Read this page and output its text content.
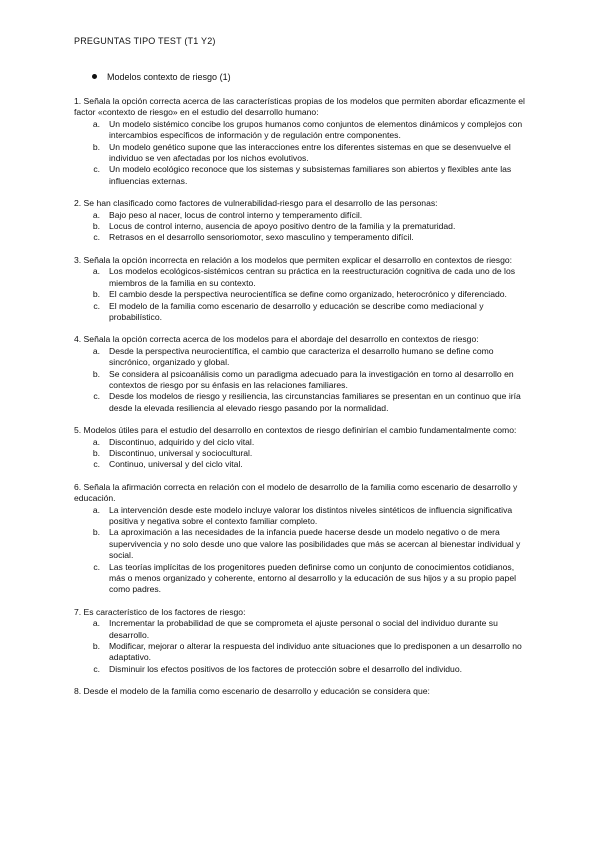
PREGUNTAS TIPO TEST (T1 Y2)
Modelos contexto de riesgo (1)
1. Señala la opción correcta acerca de las características propias de los modelos que permiten abordar eficazmente el factor «contexto de riesgo» en el estudio del desarrollo humano:
a.	Un modelo sistémico concibe los grupos humanos como conjuntos de elementos dinámicos y complejos con intercambios específicos de información y de regulación entre componentes.
b.	Un modelo genético supone que las interacciones entre los diferentes sistemas en que se desenvuelve el individuo se ven afectadas por los nichos evolutivos.
c.	Un modelo ecológico reconoce que los sistemas y subsistemas familiares son abiertos y flexibles ante las influencias externas.
2. Se han clasificado como factores de vulnerabilidad-riesgo para el desarrollo de las personas:
a.	Bajo peso al nacer, locus de control interno y temperamento difícil.
b.	Locus de control interno, ausencia de apoyo positivo dentro de la familia y la prematuridad.
c.	Retrasos en el desarrollo sensoriomotor, sexo masculino y temperamento difícil.
3. Señala la opción incorrecta en relación a los modelos que permiten explicar el desarrollo en contextos de riesgo:
a.	Los modelos ecológicos-sistémicos centran su práctica en la reestructuración cognitiva de cada uno de los miembros de la familia en su contexto.
b.	El cambio desde la perspectiva neurocientífica se define como organizado, heterocrónico y diferenciado.
c.	El modelo de la familia como escenario de desarrollo y educación se describe como mediacional y probabilístico.
4. Señala la opción correcta acerca de los modelos para el abordaje del desarrollo en contextos de riesgo:
a.	Desde la perspectiva neurocientífica, el cambio que caracteriza el desarrollo humano se define como sincrónico, organizado y global.
b.	Se considera al psicoanálisis como un paradigma adecuado para la investigación en torno al desarrollo en contextos de riesgo por su énfasis en las relaciones familiares.
c.	Desde los modelos de riesgo y resiliencia, las circunstancias familiares se presentan en un continuo que iría desde la elevada resiliencia al elevado riesgo pasando por la normalidad.
5. Modelos útiles para el estudio del desarrollo en contextos de riesgo definirían el cambio fundamentalmente como:
a.	Discontinuo, adquirido y del ciclo vital.
b.	Discontinuo, universal y sociocultural.
c.	Continuo, universal y del ciclo vital.
6. Señala la afirmación correcta en relación con el modelo de desarrollo de la familia como escenario de desarrollo y educación.
a.	La intervención desde este modelo incluye valorar los distintos niveles sintéticos de influencia significativa positiva y negativa sobre el contexto familiar completo.
b.	La aproximación a las necesidades de la infancia puede hacerse desde un modelo negativo o de mera supervivencia y no solo desde uno que valore las posibilidades que más se acercan al bienestar individual y social.
c.	Las teorías implícitas de los progenitores pueden definirse como un conjunto de conocimientos cotidianos, más o menos organizado y coherente, entorno al desarrollo y la educación de sus hijos y a su propio papel como padres.
7. Es característico de los factores de riesgo:
a.	Incrementar la probabilidad de que se comprometa el ajuste personal o social del individuo durante su desarrollo.
b.	Modificar, mejorar o alterar la respuesta del individuo ante situaciones que lo predisponen a un desarrollo no adaptativo.
c.	Disminuir los efectos positivos de los factores de protección sobre el desarrollo del individuo.
8. Desde el modelo de la familia como escenario de desarrollo y educación se considera que:
